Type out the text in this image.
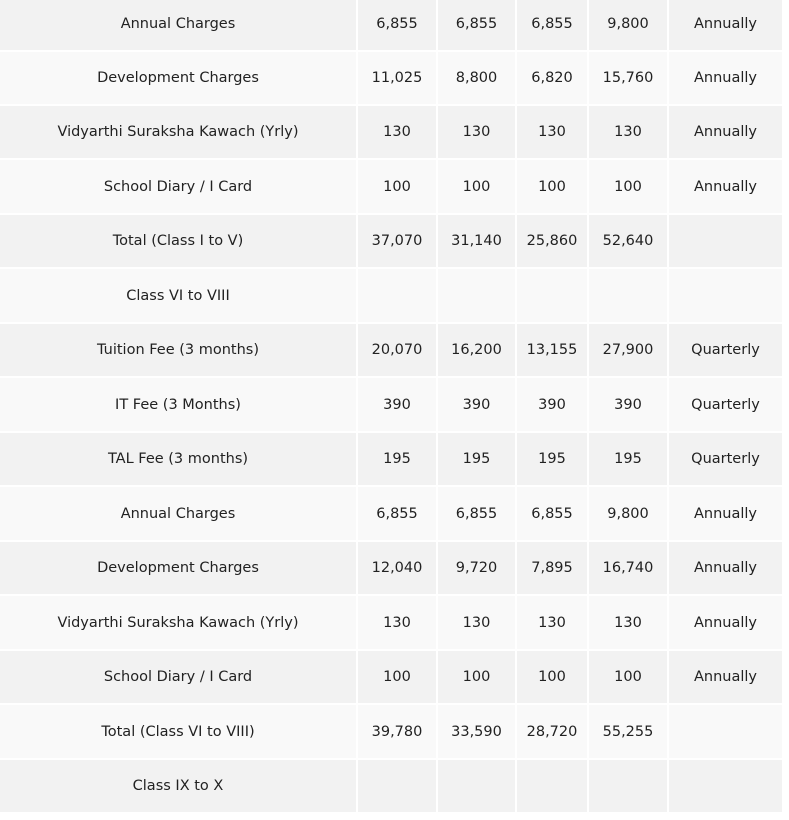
Annual Charges	6,855	6,855	6,855	9,800	Annually
Development Charges	11,025	8,800	6,820	15,760	Annually
Vidyarthi Suraksha Kawach (Yrly)	130	130	130	130	Annually
School Diary / I Card	100	100	100	100	Annually
Total (Class I to V)	37,070	31,140	25,860	52,640	
Class VI to VIII					
Tuition Fee (3 months)	20,070	16,200	13,155	27,900	Quarterly
IT Fee (3 Months)	390	390	390	390	Quarterly
TAL Fee (3 months)	195	195	195	195	Quarterly
Annual Charges	6,855	6,855	6,855	9,800	Annually
Development Charges	12,040	9,720	7,895	16,740	Annually
Vidyarthi Suraksha Kawach (Yrly)	130	130	130	130	Annually
School Diary / I Card	100	100	100	100	Annually
Total (Class VI to VIII)	39,780	33,590	28,720	55,255	
Class IX to X					
